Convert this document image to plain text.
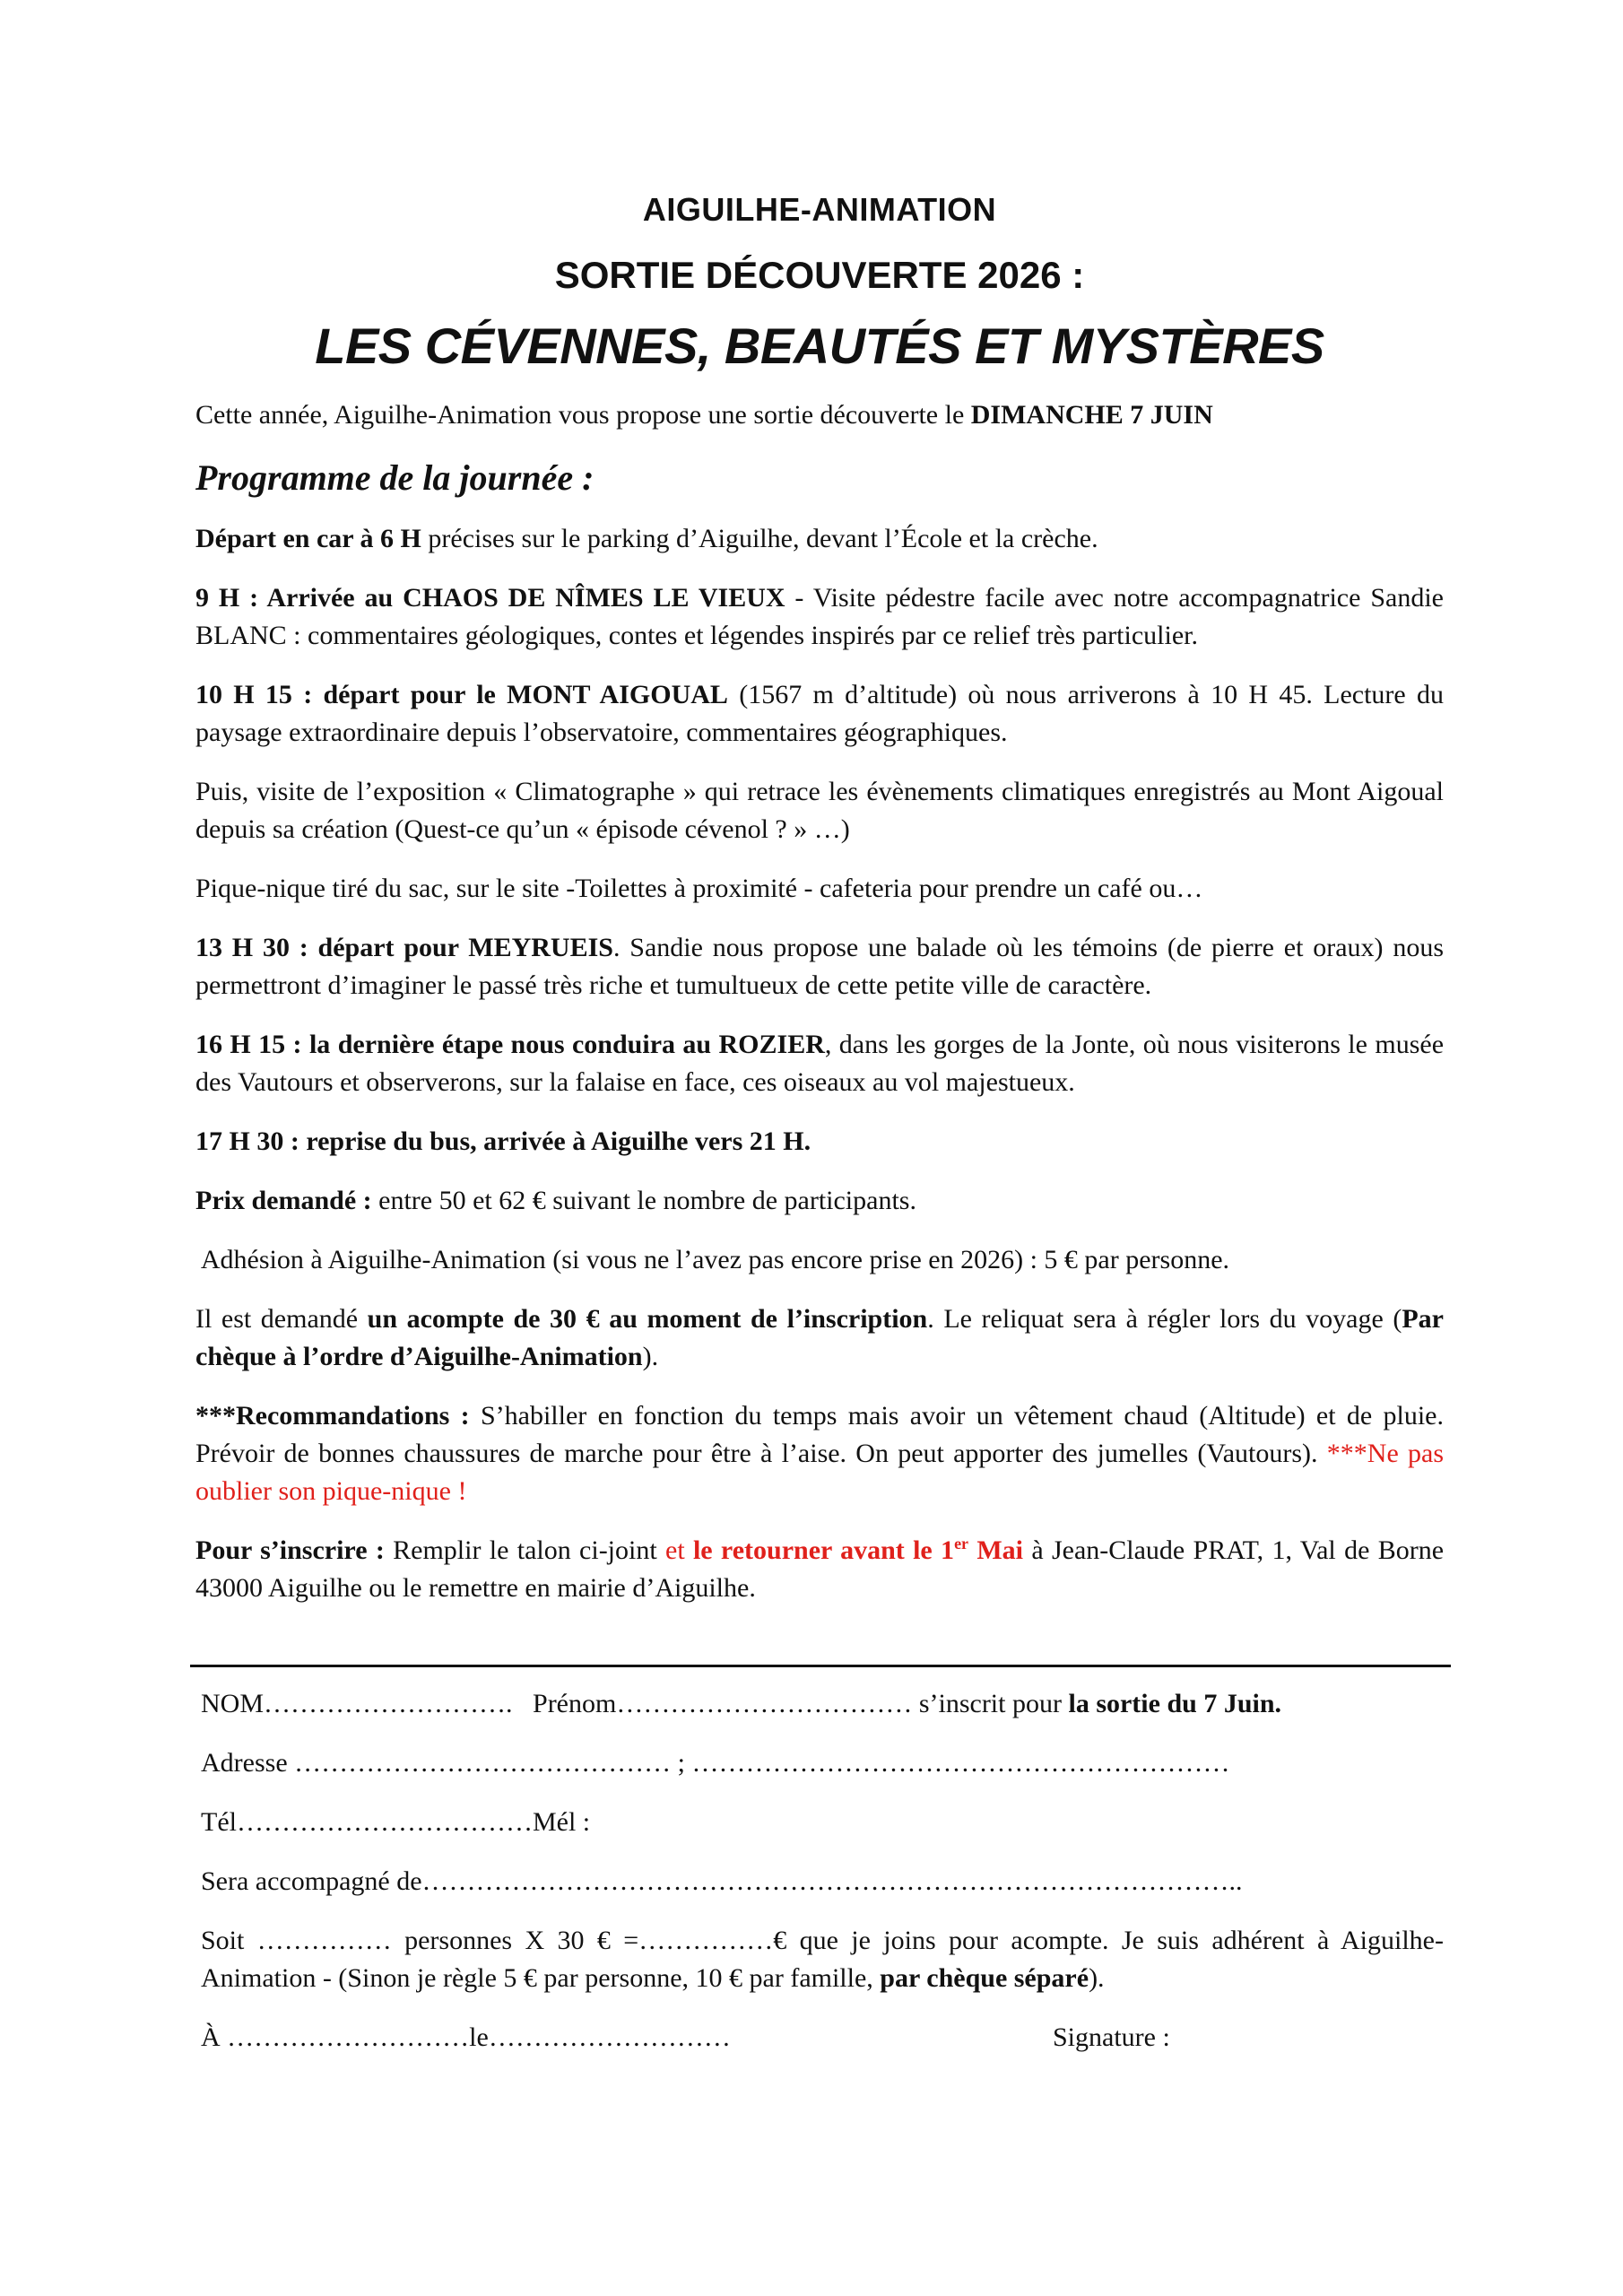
AIGUILHE-ANIMATION
SORTIE DÉCOUVERTE 2026 :
LES CÉVENNES, BEAUTÉS ET MYSTÈRES

Cette année, Aiguilhe-Animation vous propose une sortie découverte le DIMANCHE 7 JUIN

Programme de la journée :

Départ en car à 6 H précises sur le parking d’Aiguilhe, devant l’École et la crèche.

9 H : Arrivée au CHAOS DE NÎMES LE VIEUX - Visite pédestre facile avec notre accompagnatrice Sandie BLANC : commentaires géologiques, contes et légendes inspirés par ce relief très particulier.

10 H 15 : départ pour le MONT AIGOUAL (1567 m d’altitude) où nous arriverons à 10 H 45. Lecture du paysage extraordinaire depuis l’observatoire, commentaires géographiques.

Puis, visite de l’exposition « Climatographe » qui retrace les évènements climatiques enregistrés au Mont Aigoual depuis sa création (Quest-ce qu’un « épisode cévenol ? » …)

Pique-nique tiré du sac, sur le site -Toilettes à proximité - cafeteria pour prendre un café ou…

13 H 30 : départ pour MEYRUEIS. Sandie nous propose une balade où les témoins (de pierre et oraux) nous permettront d’imaginer le passé très riche et tumultueux de cette petite ville de caractère.

16 H 15 : la dernière étape nous conduira au ROZIER, dans les gorges de la Jonte, où nous visiterons le musée des Vautours et observerons, sur la falaise en face, ces oiseaux au vol majestueux.

17 H 30 : reprise du bus, arrivée à Aiguilhe vers 21 H.

Prix demandé : entre 50 et 62 € suivant le nombre de participants.

Adhésion à Aiguilhe-Animation (si vous ne l’avez pas encore prise en 2026) : 5 € par personne.

Il est demandé un acompte de 30 € au moment de l’inscription. Le reliquat sera à régler lors du voyage (Par chèque à l’ordre d’Aiguilhe-Animation).

***Recommandations : S’habiller en fonction du temps mais avoir un vêtement chaud (Altitude) et de pluie. Prévoir de bonnes chaussures de marche pour être à l’aise. On peut apporter des jumelles (Vautours). ***Ne pas oublier son pique-nique !

Pour s’inscrire : Remplir le talon ci-joint et le retourner avant le 1er Mai à Jean-Claude PRAT, 1, Val de Borne 43000 Aiguilhe ou le remettre en mairie d’Aiguilhe.

NOM……………………….   Prénom…………………………… s’inscrit pour la sortie du 7 Juin.

Adresse …………………………………… ; ……………………………………………………

Tél……………………………Mél :

Sera accompagné de………………………………………………………………………………..

Soit …………… personnes X 30 € =……………€ que je joins pour acompte. Je suis adhérent à Aiguilhe-Animation - (Sinon je règle 5 € par personne, 10 € par famille, par chèque séparé).

À ………………………le………………………	Signature :
